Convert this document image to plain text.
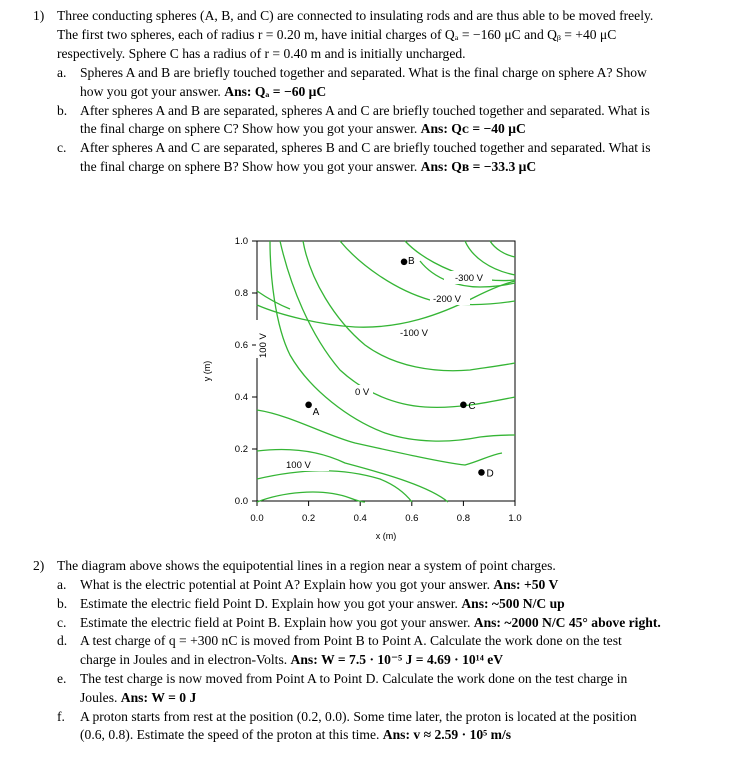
1) Three conducting spheres (A, B, and C) are connected to insulating rods and are thus able to be moved freely.
The first two spheres, each of radius r = 0.20 m, have initial charges of Qₐ = −160 μC and Qᵦ = +40 μC
respectively. Sphere C has a radius of r = 0.40 m and is initially uncharged.
a. Spheres A and B are briefly touched together and separated. What is the final charge on sphere A? Show
how you got your answer. Ans: Qₐ = −60 μC
b. After spheres A and B are separated, spheres A and C are briefly touched together and separated. What is
the final charge on sphere C? Show how you got your answer. Ans: Qᴄ = −40 μC
c. After spheres A and C are separated, spheres B and C are briefly touched together and separated. What is
the final charge on sphere B? Show how you got your answer. Ans: Qʙ = −33.3 μC
1.0
0.8
0.6
0.4
0.2
0.0
0.0	0.2	0.4	0.6	0.8	1.0
x (m)
y (m)
-300 V
-200 V
-100 V
0 V
100 V
100 V
A
B
C
D
2) The diagram above shows the equipotential lines in a region near a system of point charges.
a. What is the electric potential at Point A? Explain how you got your answer. Ans: +50 V
b. Estimate the electric field Point D. Explain how you got your answer. Ans: ~500 N/C up
c. Estimate the electric field at Point B. Explain how you got your answer. Ans: ~2000 N/C 45° above right.
d. A test charge of q = +300 nC is moved from Point B to Point A. Calculate the work done on the test
charge in Joules and in electron-Volts. Ans: W = 7.5 · 10⁻⁵ J = 4.69 · 10¹⁴ eV
e. The test charge is now moved from Point A to Point D. Calculate the work done on the test charge in
Joules. Ans: W = 0 J
f. A proton starts from rest at the position (0.2, 0.0). Some time later, the proton is located at the position
(0.6, 0.8). Estimate the speed of the proton at this time. Ans: v ≈ 2.59 · 10⁵ m/s
